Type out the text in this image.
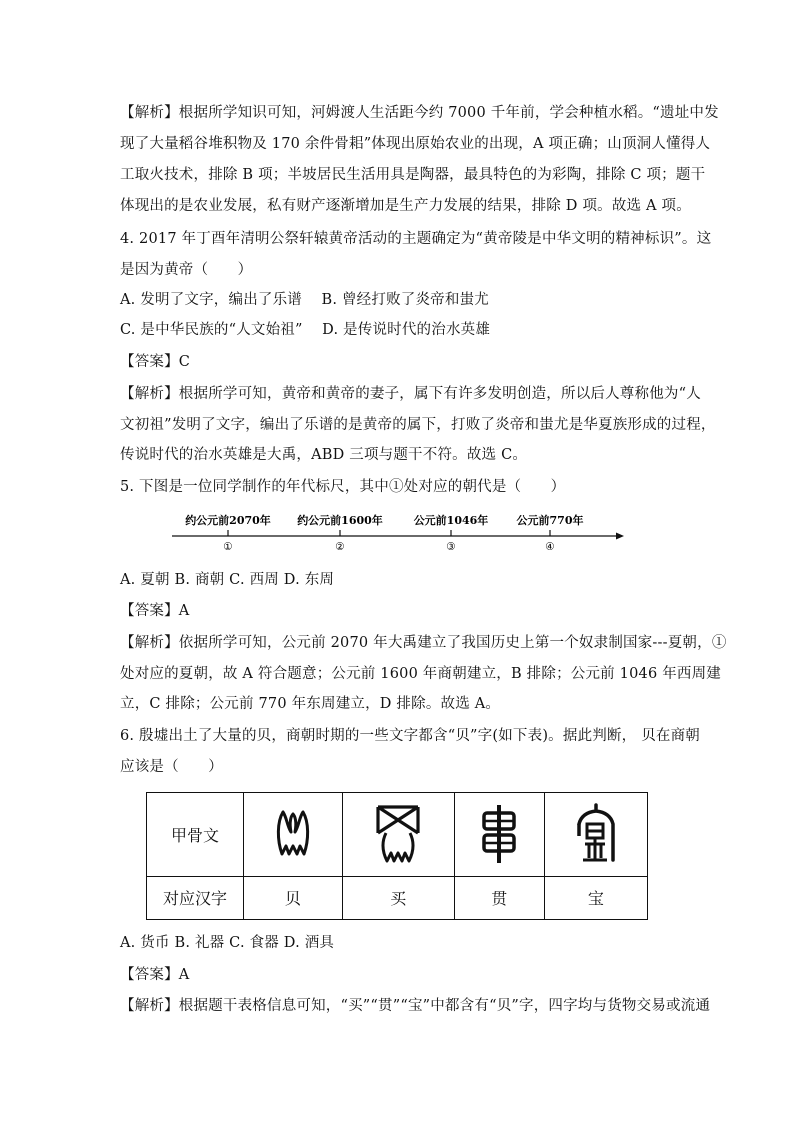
【解析】根据所学知识可知，河姆渡人生活距今约 7000 千年前，学会种植水稻。“遗址中发
现了大量稻谷堆积物及 170 余件骨耜”体现出原始农业的出现，A 项正确；山顶洞人懂得人
工取火技术，排除 B 项；半坡居民生活用具是陶器，最具特色的为彩陶，排除 C 项；题干
体现出的是农业发展，私有财产逐渐增加是生产力发展的结果，排除 D 项。故选 A 项。
4. 2017 年丁酉年清明公祭轩辕黄帝活动的主题确定为“黄帝陵是中华文明的精神标识”。这
是因为黄帝（　　）
A. 发明了文字，编出了乐谱　 B. 曾经打败了炎帝和蚩尤
C. 是中华民族的“人文始祖”　 D. 是传说时代的治水英雄
【答案】C
【解析】根据所学可知，黄帝和黄帝的妻子，属下有许多发明创造，所以后人尊称他为“人
文初祖”发明了文字，编出了乐谱的是黄帝的属下，打败了炎帝和蚩尤是华夏族形成的过程，
传说时代的治水英雄是大禹，ABD 三项与题干不符。故选 C。
5. 下图是一位同学制作的年代标尺，其中①处对应的朝代是（　　）
约公元前2070年 约公元前1600年	公元前1046年	公元前770年
①	②	③	④
A. 夏朝 B. 商朝 C. 西周 D. 东周
【答案】A
【解析】依据所学可知，公元前 2070 年大禹建立了我国历史上第一个奴隶制国家---夏朝，①
处对应的夏朝，故 A 符合题意；公元前 1600 年商朝建立，B 排除；公元前 1046 年西周建
立，C 排除；公元前 770 年东周建立，D 排除。故选 A。
6. 殷墟出土了大量的贝，商朝时期的一些文字都含“贝”字(如下表)。据此判断， 贝在商朝
应该是（　　）
甲骨文	

对应汉字	贝	买	贯	宝
A. 货币 B. 礼器 C. 食器 D. 酒具
【答案】A
【解析】根据题干表格信息可知，“买”“贯”“宝”中都含有“贝”字，四字均与货物交易或流通
